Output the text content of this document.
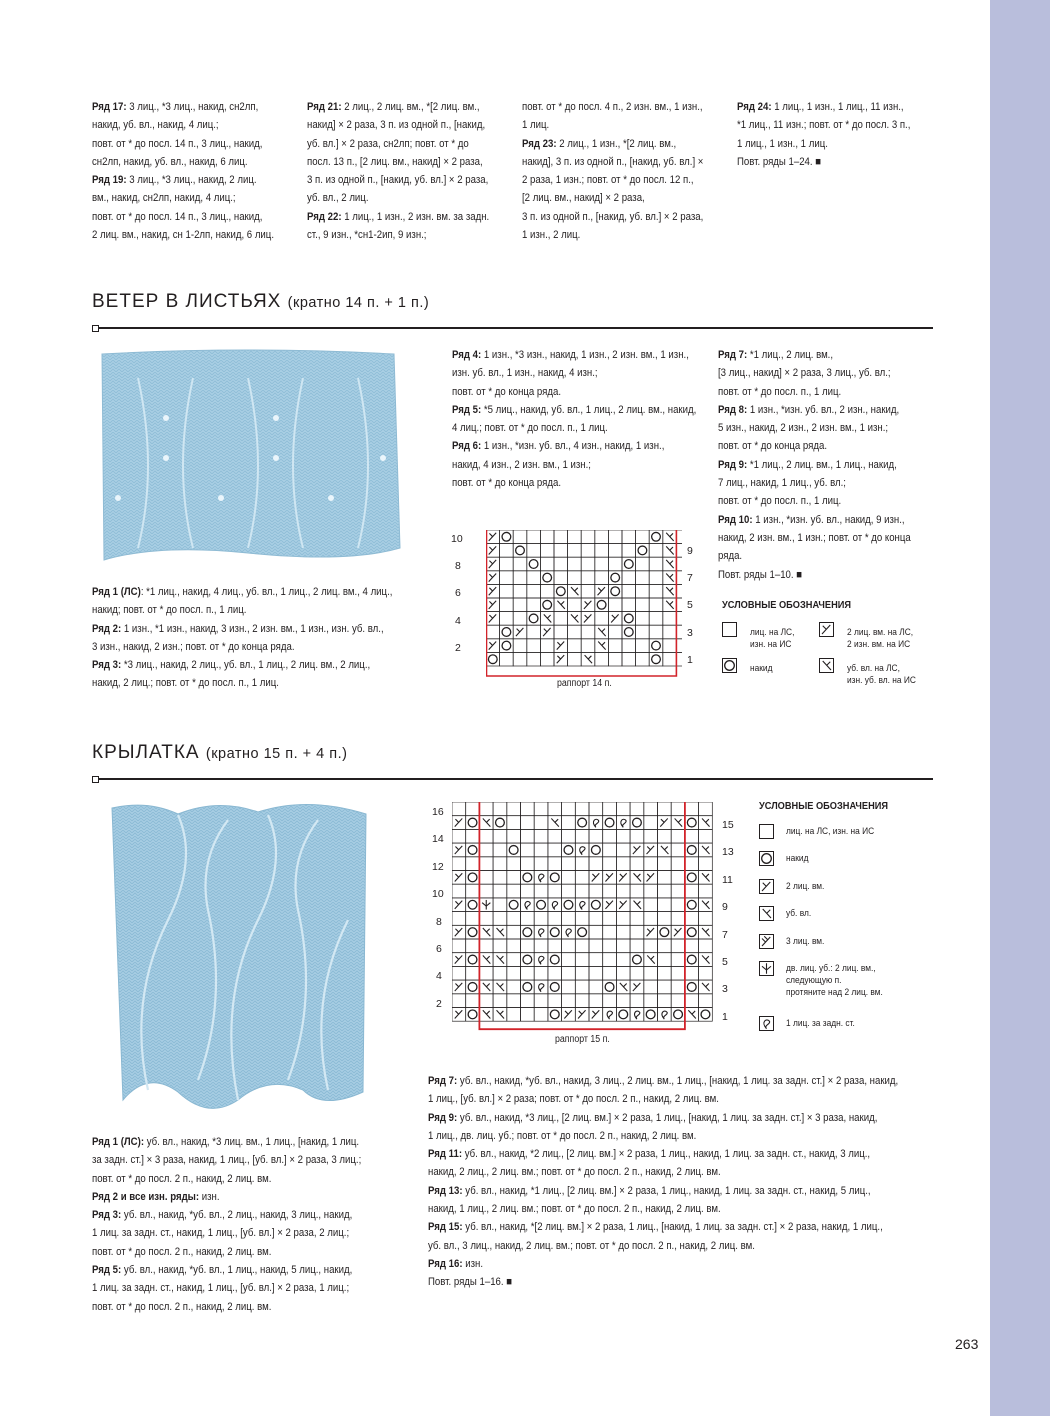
Ряд 17: 3 лиц., *3 лиц., накид, сн2лп,
накид, уб. вл., накид, 4 лиц.;
повт. от * до посл. 14 п., 3 лиц., накид,
сн2лп, накид, уб. вл., накид, 6 лиц.
Ряд 19: 3 лиц., *3 лиц., накид, 2 лиц.
вм., накид, сн2лп, накид, 4 лиц.;
повт. от * до посл. 14 п., 3 лиц., накид,
2 лиц. вм., накид, сн 1-2лп, накид, 6 лиц.
Ряд 21: 2 лиц., 2 лиц. вм., *[2 лиц. вм.,
накид] × 2 раза, 3 п. из одной п., [накид,
уб. вл.] × 2 раза, сн2лп; повт. от * до
посл. 13 п., [2 лиц. вм., накид] × 2 раза,
3 п. из одной п., [накид, уб. вл.] × 2 раза,
уб. вл., 2 лиц.
Ряд 22: 1 лиц., 1 изн., 2 изн. вм. за задн.
ст., 9 изн., *сн1-2ип, 9 изн.;
повт. от * до посл. 4 п., 2 изн. вм., 1 изн.,
1 лиц.
Ряд 23: 2 лиц., 1 изн., *[2 лиц. вм.,
накид], 3 п. из одной п., [накид, уб. вл.] ×
2 раза, 1 изн.; повт. от * до посл. 12 п.,
[2 лиц. вм., накид] × 2 раза,
3 п. из одной п., [накид, уб. вл.] × 2 раза,
1 изн., 2 лиц.
Ряд 24: 1 лиц., 1 изн., 1 лиц., 11 изн.,
*1 лиц., 11 изн.; повт. от * до посл. 3 п.,
1 лиц., 1 изн., 1 лиц.
Повт. ряды 1–24. ■
ВЕТЕР В ЛИСТЬЯХ (кратно 14 п. + 1 п.)
Ряд 1 (ЛС): *1 лиц., накид, 4 лиц., уб. вл., 1 лиц., 2 лиц. вм., 4 лиц.,
накид; повт. от * до посл. п., 1 лиц.
Ряд 2: 1 изн., *1 изн., накид, 3 изн., 2 изн. вм., 1 изн., изн. уб. вл.,
3 изн., накид, 2 изн.; повт. от * до конца ряда.
Ряд 3: *3 лиц., накид, 2 лиц., уб. вл., 1 лиц., 2 лиц. вм., 2 лиц.,
накид, 2 лиц.; повт. от * до посл. п., 1 лиц.
Ряд 4: 1 изн., *3 изн., накид, 1 изн., 2 изн. вм., 1 изн.,
изн. уб. вл., 1 изн., накид, 4 изн.;
повт. от * до конца ряда.
Ряд 5: *5 лиц., накид, уб. вл., 1 лиц., 2 лиц. вм., накид,
4 лиц.; повт. от * до посл. п., 1 лиц.
Ряд 6: 1 изн., *изн. уб. вл., 4 изн., накид, 1 изн.,
накид, 4 изн., 2 изн. вм., 1 изн.;
повт. от * до конца ряда.
Ряд 7: *1 лиц., 2 лиц. вм.,
[3 лиц., накид] × 2 раза, 3 лиц., уб. вл.;
повт. от * до посл. п., 1 лиц.
Ряд 8: 1 изн., *изн. уб. вл., 2 изн., накид,
5 изн., накид, 2 изн., 2 изн. вм., 1 изн.;
повт. от * до конца ряда.
Ряд 9: *1 лиц., 2 лиц. вм., 1 лиц., накид,
7 лиц., накид, 1 лиц., уб. вл.;
повт. от * до посл. п., 1 лиц.
Ряд 10: 1 изн., *изн. уб. вл., накид, 9 изн.,
накид, 2 изн. вм., 1 изн.; повт. от * до конца
ряда.
Повт. ряды 1–10. ■
10
8
6
4
2
9
7
5
3
1
раппорт 14 п.
УСЛОВНЫЕ ОБОЗНАЧЕНИЯ
лиц. на ЛС,
изн. на ИС
2 лиц. вм. на ЛС,
2 изн. вм. на ИС
накид	уб. вл. на ЛС,
изн. уб. вл. на ИС
КРЫЛАТКА (кратно 15 п. + 4 п.)
16
14
12
10
8
6
4
2
15
13
11
9
7
5
3
1
раппорт 15 п.
УСЛОВНЫЕ ОБОЗНАЧЕНИЯ
лиц. на ЛС, изн. на ИС
накид
2 лиц. вм.
уб. вл.
3 лиц. вм.
дв. лиц. уб.: 2 лиц. вм.,
следующую п.
протяните над 2 лиц. вм.
1 лиц. за задн. ст.
Ряд 1 (ЛС): уб. вл., накид, *3 лиц. вм., 1 лиц., [накид, 1 лиц.
за задн. ст.] × 3 раза, накид, 1 лиц., [уб. вл.] × 2 раза, 3 лиц.;
повт. от * до посл. 2 п., накид, 2 лиц. вм.
Ряд 2 и все изн. ряды: изн.
Ряд 3: уб. вл., накид, *уб. вл., 2 лиц., накид, 3 лиц., накид,
1 лиц. за задн. ст., накид, 1 лиц., [уб. вл.] × 2 раза, 2 лиц.;
повт. от * до посл. 2 п., накид, 2 лиц. вм.
Ряд 5: уб. вл., накид, *уб. вл., 1 лиц., накид, 5 лиц., накид,
1 лиц. за задн. ст., накид, 1 лиц., [уб. вл.] × 2 раза, 1 лиц.;
повт. от * до посл. 2 п., накид, 2 лиц. вм.
Ряд 7: уб. вл., накид, *уб. вл., накид, 3 лиц., 2 лиц. вм., 1 лиц., [накид, 1 лиц. за задн. ст.] × 2 раза, накид,
1 лиц., [уб. вл.] × 2 раза; повт. от * до посл. 2 п., накид, 2 лиц. вм.
Ряд 9: уб. вл., накид, *3 лиц., [2 лиц. вм.] × 2 раза, 1 лиц., [накид, 1 лиц. за задн. ст.] × 3 раза, накид,
1 лиц., дв. лиц. уб.; повт. от * до посл. 2 п., накид, 2 лиц. вм.
Ряд 11: уб. вл., накид, *2 лиц., [2 лиц. вм.] × 2 раза, 1 лиц., накид, 1 лиц. за задн. ст., накид, 3 лиц.,
накид, 2 лиц., 2 лиц. вм.; повт. от * до посл. 2 п., накид, 2 лиц. вм.
Ряд 13: уб. вл., накид, *1 лиц., [2 лиц. вм.] × 2 раза, 1 лиц., накид, 1 лиц. за задн. ст., накид, 5 лиц.,
накид, 1 лиц., 2 лиц. вм.; повт. от * до посл. 2 п., накид, 2 лиц. вм.
Ряд 15: уб. вл., накид, *[2 лиц. вм.] × 2 раза, 1 лиц., [накид, 1 лиц. за задн. ст.] × 2 раза, накид, 1 лиц.,
уб. вл., 3 лиц., накид, 2 лиц. вм.; повт. от * до посл. 2 п., накид, 2 лиц. вм.
Ряд 16: изн.
Повт. ряды 1–16. ■
263
